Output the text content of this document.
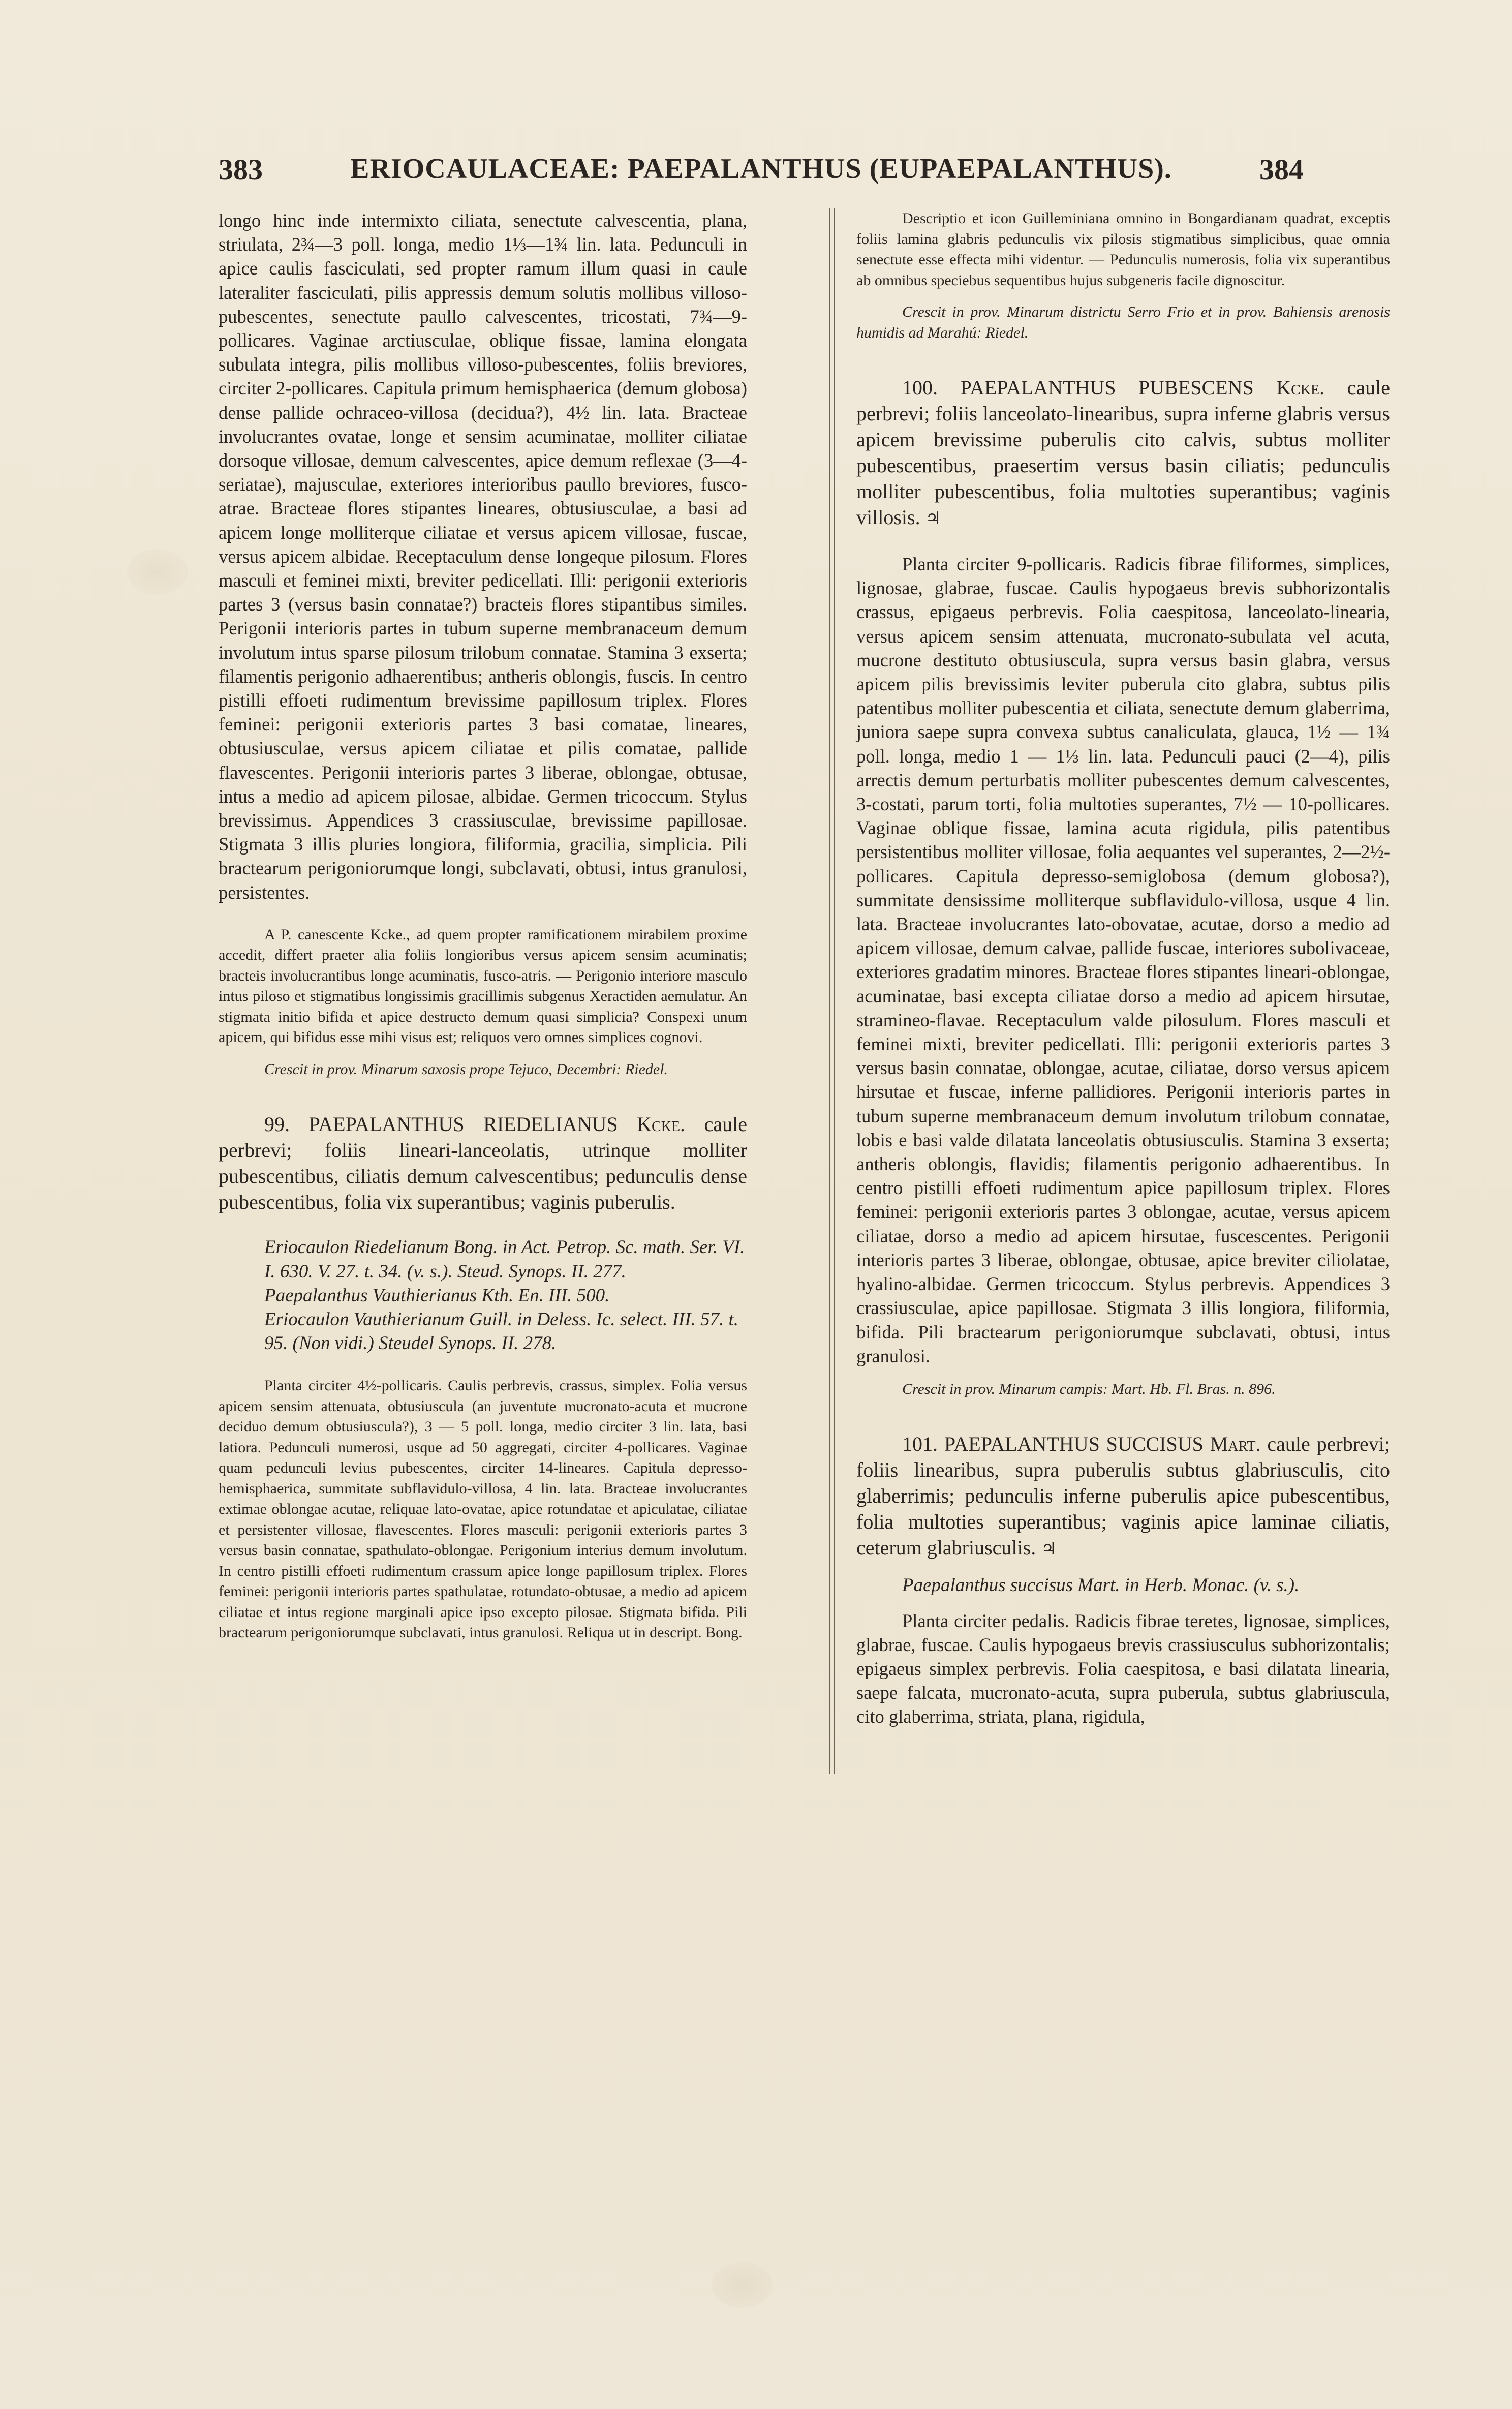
383	ERIOCAULACEAE: PAEPALANTHUS (EUPAEPALANTHUS).	384

longo hinc inde intermixto ciliata, senectute calvescentia, plana, striulata, 2¾—3 poll. longa, medio 1⅓—1¾ lin. lata. Pedunculi in apice caulis fasciculati, sed propter ramum illum quasi in caule lateraliter fasciculati, pilis appressis demum solutis mollibus villoso-pubescentes, senectute paullo calvescentes, tricostati, 7¾—9-pollicares. Vaginae arctiusculae, oblique fissae, lamina elongata subulata integra, pilis mollibus villoso-pubescentes, foliis breviores, circiter 2-pollicares. Capitula primum hemisphaerica (demum globosa) dense pallide ochraceo-villosa (decidua?), 4½ lin. lata. Bracteae involucrantes ovatae, longe et sensim acuminatae, molliter ciliatae dorsoque villosae, demum calvescentes, apice demum reflexae (3—4-seriatae), majusculae, exteriores interioribus paullo breviores, fusco-atrae. Bracteae flores stipantes lineares, obtusiusculae, a basi ad apicem longe molliterque ciliatae et versus apicem villosae, fuscae, versus apicem albidae. Receptaculum dense longeque pilosum. Flores masculi et feminei mixti, breviter pedicellati. Illi: perigonii exterioris partes 3 (versus basin connatae?) bracteis flores stipantibus similes. Perigonii interioris partes in tubum superne membranaceum demum involutum intus sparse pilosum trilobum connatae. Stamina 3 exserta; filamentis perigonio adhaerentibus; antheris oblongis, fuscis. In centro pistilli effoeti rudimentum brevissime papillosum triplex. Flores feminei: perigonii exterioris partes 3 basi comatae, lineares, obtusiusculae, versus apicem ciliatae et pilis comatae, pallide flavescentes. Perigonii interioris partes 3 liberae, oblongae, obtusae, intus a medio ad apicem pilosae, albidae. Germen tricoccum. Stylus brevissimus. Appendices 3 crassiusculae, brevissime papillosae. Stigmata 3 illis pluries longiora, filiformia, gracilia, simplicia. Pili bractearum perigoniorumque longi, subclavati, obtusi, intus granulosi, persistentes.

A P. canescente Kcke., ad quem propter ramificationem mirabilem proxime accedit, differt praeter alia foliis longioribus versus apicem sensim acuminatis; bracteis involucrantibus longe acuminatis, fusco-atris. — Perigonio interiore masculo intus piloso et stigmatibus longissimis gracillimis subgenus Xeractiden aemulatur. An stigmata initio bifida et apice destructo demum quasi simplicia? Conspexi unum apicem, qui bifidus esse mihi visus est; reliquos vero omnes simplices cognovi.

Crescit in prov. Minarum saxosis prope Tejuco, Decembri: Riedel.

99. PAEPALANTHUS RIEDELIANUS Kcke. caule perbrevi; foliis lineari-lanceolatis, utrinque molliter pubescentibus, ciliatis demum calvescentibus; pedunculis dense pubescentibus, folia vix superantibus; vaginis puberulis.

Eriocaulon Riedelianum Bong. in Act. Petrop. Sc. math. Ser. VI. I. 630. V. 27. t. 34. (v. s.). Steud. Synops. II. 277.

Paepalanthus Vauthierianus Kth. En. III. 500.

Eriocaulon Vauthierianum Guill. in Deless. Ic. select. III. 57. t. 95. (Non vidi.) Steudel Synops. II. 278.

Planta circiter 4½-pollicaris. Caulis perbrevis, crassus, simplex. Folia versus apicem sensim attenuata, obtusiuscula (an juventute mucronato-acuta et mucrone deciduo demum obtusiuscula?), 3 — 5 poll. longa, medio circiter 3 lin. lata, basi latiora. Pedunculi numerosi, usque ad 50 aggregati, circiter 4-pollicares. Vaginae quam pedunculi levius pubescentes, circiter 14-lineares. Capitula depresso-hemisphaerica, summitate subflavidulo-villosa, 4 lin. lata. Bracteae involucrantes extimae oblongae acutae, reliquae lato-ovatae, apice rotundatae et apiculatae, ciliatae et persistenter villosae, flavescentes. Flores masculi: perigonii exterioris partes 3 versus basin connatae, spathulato-oblongae. Perigonium interius demum involutum. In centro pistilli effoeti rudimentum crassum apice longe papillosum triplex. Flores feminei: perigonii interioris partes spathulatae, rotundato-obtusae, a medio ad apicem ciliatae et intus regione marginali apice ipso excepto pilosae. Stigmata bifida. Pili bractearum perigoniorumque subclavati, intus granulosi. Reliqua ut in descript. Bong.

Descriptio et icon Guilleminiana omnino in Bongardianam quadrat, exceptis foliis lamina glabris pedunculis vix pilosis stigmatibus simplicibus, quae omnia senectute esse effecta mihi videntur. — Pedunculis numerosis, folia vix superantibus ab omnibus speciebus sequentibus hujus subgeneris facile dignoscitur.

Crescit in prov. Minarum districtu Serro Frio et in prov. Bahiensis arenosis humidis ad Marahú: Riedel.

100. PAEPALANTHUS PUBESCENS Kcke. caule perbrevi; foliis lanceolato-linearibus, supra inferne glabris versus apicem brevissime puberulis cito calvis, subtus molliter pubescentibus, praesertim versus basin ciliatis; pedunculis molliter pubescentibus, folia multoties superantibus; vaginis villosis. ♃

Planta circiter 9-pollicaris. Radicis fibrae filiformes, simplices, lignosae, glabrae, fuscae. Caulis hypogaeus brevis subhorizontalis crassus, epigaeus perbrevis. Folia caespitosa, lanceolato-linearia, versus apicem sensim attenuata, mucronato-subulata vel acuta, mucrone destituto obtusiuscula, supra versus basin glabra, versus apicem pilis brevissimis leviter puberula cito glabra, subtus pilis patentibus molliter pubescentia et ciliata, senectute demum glaberrima, juniora saepe supra convexa subtus canaliculata, glauca, 1½ — 1¾ poll. longa, medio 1 — 1⅓ lin. lata. Pedunculi pauci (2—4), pilis arrectis demum perturbatis molliter pubescentes demum calvescentes, 3-costati, parum torti, folia multoties superantes, 7½ — 10-pollicares. Vaginae oblique fissae, lamina acuta rigidula, pilis patentibus persistentibus molliter villosae, folia aequantes vel superantes, 2—2½-pollicares. Capitula depresso-semiglobosa (demum globosa?), summitate densissime molliterque subflavidulo-villosa, usque 4 lin. lata. Bracteae involucrantes lato-obovatae, acutae, dorso a medio ad apicem villosae, demum calvae, pallide fuscae, interiores subolivaceae, exteriores gradatim minores. Bracteae flores stipantes lineari-oblongae, acuminatae, basi excepta ciliatae dorso a medio ad apicem hirsutae, stramineo-flavae. Receptaculum valde pilosulum. Flores masculi et feminei mixti, breviter pedicellati. Illi: perigonii exterioris partes 3 versus basin connatae, oblongae, acutae, ciliatae, dorso versus apicem hirsutae et fuscae, inferne pallidiores. Perigonii interioris partes in tubum superne membranaceum demum involutum trilobum connatae, lobis e basi valde dilatata lanceolatis obtusiusculis. Stamina 3 exserta; antheris oblongis, flavidis; filamentis perigonio adhaerentibus. In centro pistilli effoeti rudimentum apice papillosum triplex. Flores feminei: perigonii exterioris partes 3 oblongae, acutae, versus apicem ciliatae, dorso a medio ad apicem hirsutae, fuscescentes. Perigonii interioris partes 3 liberae, oblongae, obtusae, apice breviter ciliolatae, hyalino-albidae. Germen tricoccum. Stylus perbrevis. Appendices 3 crassiusculae, apice papillosae. Stigmata 3 illis longiora, filiformia, bifida. Pili bractearum perigoniorumque subclavati, obtusi, intus granulosi.

Crescit in prov. Minarum campis: Mart. Hb. Fl. Bras. n. 896.

101. PAEPALANTHUS SUCCISUS Mart. caule perbrevi; foliis linearibus, supra puberulis subtus glabriusculis, cito glaberrimis; pedunculis inferne puberulis apice pubescentibus, folia multoties superantibus; vaginis apice laminae ciliatis, ceterum glabriusculis. ♃

Paepalanthus succisus Mart. in Herb. Monac. (v. s.).

Planta circiter pedalis. Radicis fibrae teretes, lignosae, simplices, glabrae, fuscae. Caulis hypogaeus brevis crassiusculus subhorizontalis; epigaeus simplex perbrevis. Folia caespitosa, e basi dilatata linearia, saepe falcata, mucronato-acuta, supra puberula, subtus glabriuscula, cito glaberrima, striata, plana, rigidula,
